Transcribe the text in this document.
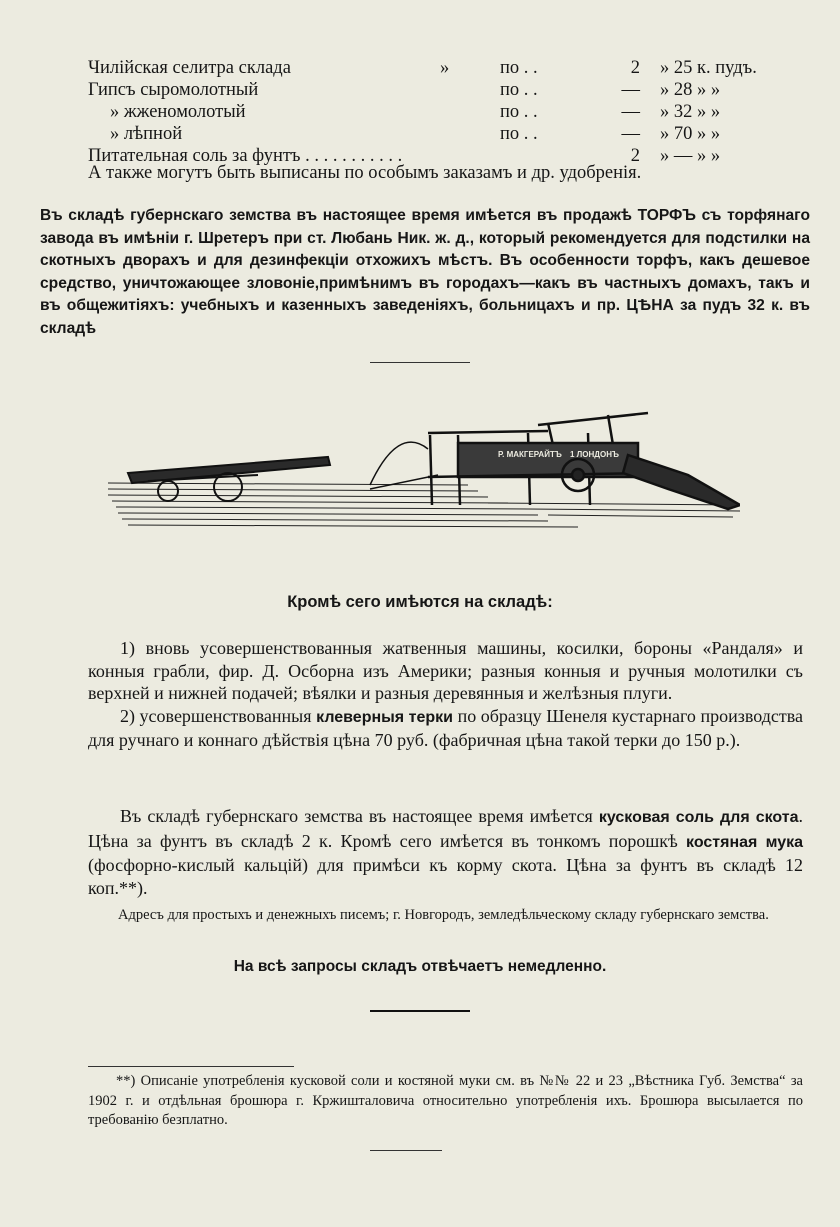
Чилійская селитра склада	»	по . .	2 » 25 к. пудъ.
Гипсъ сыромолотный	по . .	— » 28 » »
» жженомолотый	по . .	— » 32 » »
» лѣпной	по . .	— » 70 » »
Питательная соль за фунтъ . . . . . . . . . . .	2 » — » »
А также могутъ быть выписаны по особымъ заказамъ и др. удобренія.

Въ складѣ губернскаго земства въ настоящее время имѣется въ продажѣ ТОРФЪ съ торфянаго завода въ имѣніи г. Шретеръ при ст. Любань Ник. ж. д., который рекомендуется для подстилки на скотныхъ дворахъ и для дезинфекціи отхожихъ мѣстъ. Въ особенности торфъ, какъ дешевое средство, уничтожающее зловоніе,примѣнимъ въ городахъ—какъ въ частныхъ домахъ, такъ и въ общежитіяхъ: учебныхъ и казенныхъ заведеніяхъ, больницахъ и пр. ЦѢНА за пудъ 32 к. въ складѣ

Р. МАКГЕРАЙТЪ 1 ЛОНДОНЪ
Кромѣ сего имѣются на складѣ:

1) вновь усовершенствованныя жатвенныя машины, косилки, бороны «Рандаля» и конныя грабли, фир. Д. Осборна изъ Америки; разныя конныя и ручныя молотилки съ верхней и нижней подачей; вѣялки и разныя деревянныя и желѣзныя плуги.

2) усовершенствованныя клеверныя терки по образцу Шенеля кустарнаго производства для ручнаго и коннаго дѣйствія цѣна 70 руб. (фабричная цѣна такой терки до 150 р.).

Въ складѣ губернскаго земства въ настоящее время имѣется кусковая соль для скота. Цѣна за фунтъ въ складѣ 2 к. Кромѣ сего имѣется въ тонкомъ порошкѣ костяная мука (фосфорно-кислый кальцій) для примѣси къ корму скота. Цѣна за фунтъ въ складѣ 12 коп.**).

Адресъ для простыхъ и денежныхъ писемъ; г. Новгородъ, земледѣльческому складу губернскаго земства.
На всѣ запросы складъ отвѣчаетъ немедленно.
**) Описаніе употребленія кусковой соли и костяной муки см. въ №№ 22 и 23 „Вѣстника Губ. Земства“ за 1902 г. и отдѣльная брошюра г. Кржишталовича относительно употребленія ихъ. Брошюра высылается по требованію безплатно.
